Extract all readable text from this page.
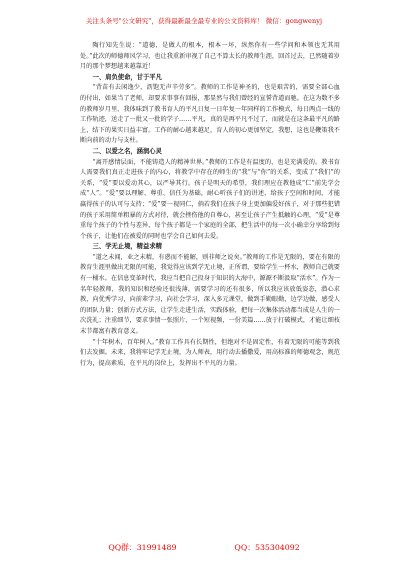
关注头条号"公文研究"，获得最新最全最专业的公文资料库！ 微信：gongwenyj

陶行知先生说：“道德，是做人的根本，根本一坏，纵然你有一些学问和本领也无其用处。”此次的师德师风学习，也让我重新审视了自己不算太长的教师生涯，回首过去，已然随着岁月的那个梦想越来越靠近！

一、肩负使命，甘于平凡

“背苗有去闲逸少，沥饱无声辛劳多”。教师的工作是神圣的，也是艰苦的，需要全部心血的付出，如果当了老师，却要求事事有回报，那显然与我们曾经的宣誓背道而驰。在这为数不多的教师岁月里，我体味到了教书育人的平凡日复一日年复一年同样的工作模式，每日两点一线的工作轨迹，送走了一批又一批的学子……平凡，真的是再平凡不过了，而就是在这条最平凡的路上，结下的果实日益丰富。工作的耐心越来越足，育人的初心更加坚定，我想，这也是鞭策我不断向前的动力与支柱。

二、以爱之名，涵润心灵

“离开感情层面，不能铸造人的精神世界。”教师的工作是有温度的，也是充满爱的。教书育人需要我们真正走进孩子的内心，将教学中存在的师生的“我”与“你”的关系，变成了“我们”的关系，“爱”要以爱动其心，以严导其行。孩子是明天的希望，我们理应在教他成“仁”前先学会成“人”。“爱”要以理解、尊重、信任为基础，耐心听孩子们的讲述，给孩子空间和时间，才能赢得孩子的认可与支持；“爱”要一视同仁，倘若我们在孩子身上更加偏爱好孩子，对于那些犯错的孩子采用简单粗暴的方式对待，就会挫伤他的自尊心，甚至让孩子产生抵触的心理，“爱”是尊重每个孩子的个性与差异，每个孩子都是一个家庭的全部，把生活中的每一次小确幸分享给到每个孩子，让他们在被爱的同时也学会自己如何去爱。

三、学无止境，精益求精

“道之未闻，业之未精，有惑而不能解，则非师之说矣。”教师的工作是无限的，要在有限的教育生涯里做出无限的可能，我觉得应该到学无止境，正所谓，要给学生一杯水，教师自己就要有一桶水。在信息变革时代，我应当把自己投身于知识的大海中，源源不断汲取“活水”。作为一名年轻教师，我的知识和经验还很浅薄，需要学习的还有很多，所以我应该放低姿态，潜心求教，向优秀学习，向前辈学习，向社会学习，深入多元课堂，做到手勤眼勤，边学边做，感受人的团队力量；创新方式方法，让学生走进生活，实践体验，把每一次集体活动都当成是人生的一次洗礼；注重细节，要求事情一张照片、一个短视频，一份美篇……放于打破模式，才能让细枝末节都富有教育意义。

“十年树木，百年树人。”教育工作具有长期性，但绝对不是固定性，有着无限的可能等到我们去发掘。未来，我将牢记学无止境，为人师表，用行动去播撒爱，用高标准的师德观念，规范行为，提高素质，在平凡的岗位上，发挥出不平凡的力量。

QQ群：31991489	QQ：535304092
